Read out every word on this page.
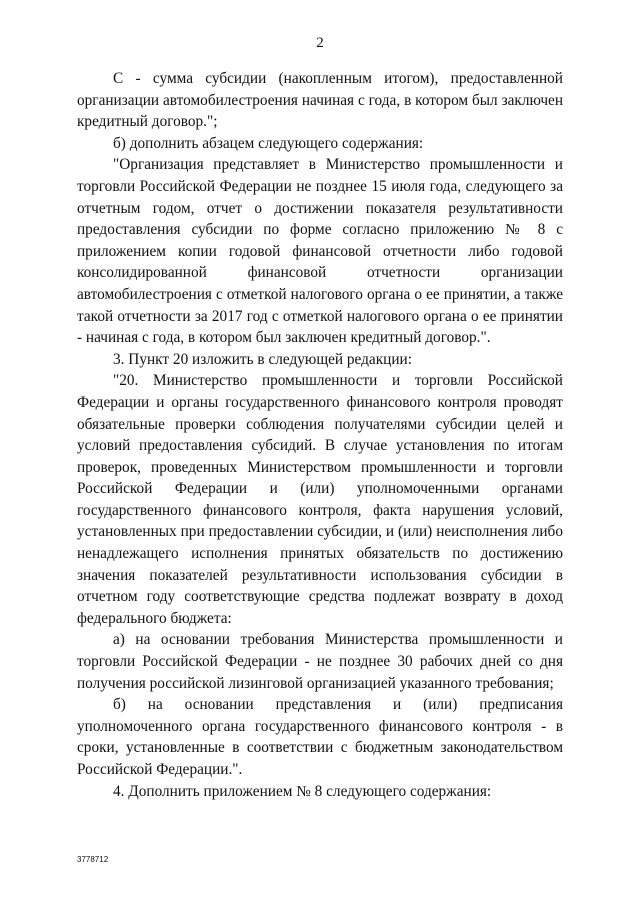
2

С - сумма субсидии (накопленным итогом), предоставленной организации автомобилестроения начиная с года, в котором был заключен кредитный договор.";

б) дополнить абзацем следующего содержания:

"Организация представляет в Министерство промышленности и торговли Российской Федерации не позднее 15 июля года, следующего за отчетным годом, отчет о достижении показателя результативности предоставления субсидии по форме согласно приложению № 8 с приложением копии годовой финансовой отчетности либо годовой консолидированной финансовой отчетности организации автомобилестроения с отметкой налогового органа о ее принятии, а также такой отчетности за 2017 год с отметкой налогового органа о ее принятии - начиная с года, в котором был заключен кредитный договор.".

3. Пункт 20 изложить в следующей редакции:

"20. Министерство промышленности и торговли Российской Федерации и органы государственного финансового контроля проводят обязательные проверки соблюдения получателями субсидии целей и условий предоставления субсидий. В случае установления по итогам проверок, проведенных Министерством промышленности и торговли Российской Федерации и (или) уполномоченными органами государственного финансового контроля, факта нарушения условий, установленных при предоставлении субсидии, и (или) неисполнения либо ненадлежащего исполнения принятых обязательств по достижению значения показателей результативности использования субсидии в отчетном году соответствующие средства подлежат возврату в доход федерального бюджета:

а) на основании требования Министерства промышленности и торговли Российской Федерации - не позднее 30 рабочих дней со дня получения российской лизинговой организацией указанного требования;

б) на основании представления и (или) предписания уполномоченного органа государственного финансового контроля - в сроки, установленные в соответствии с бюджетным законодательством Российской Федерации.".

4. Дополнить приложением № 8 следующего содержания:

3778712
